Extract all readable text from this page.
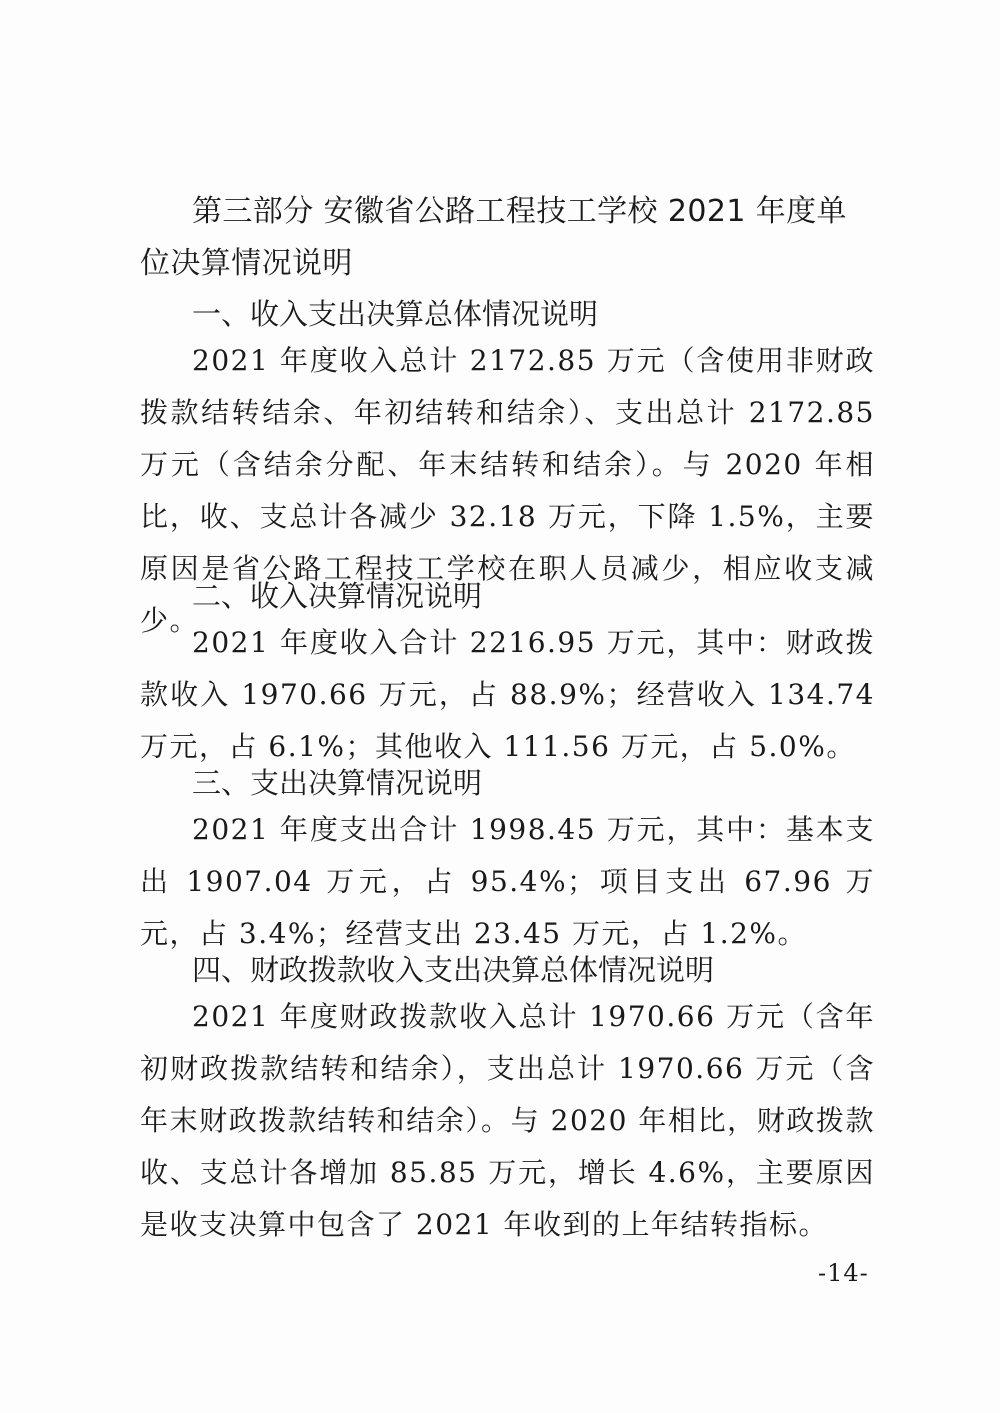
第三部分 安徽省公路工程技工学校 2021 年度单位决算情况说明
一、收入支出决算总体情况说明

2021 年度收入总计 2172.85 万元（含使用非财政拨款结转结余、年初结转和结余）、支出总计 2172.85 万元（含结余分配、年末结转和结余）。与 2020 年相比，收、支总计各减少 32.18 万元，下降 1.5%，主要原因是省公路工程技工学校在职人员减少，相应收支减少。

二、收入决算情况说明

2021 年度收入合计 2216.95 万元，其中：财政拨款收入 1970.66 万元，占 88.9%；经营收入 134.74 万元，占 6.1%；其他收入 111.56 万元，占 5.0%。

三、支出决算情况说明

2021 年度支出合计 1998.45 万元，其中：基本支出 1907.04 万元，占 95.4%；项目支出 67.96 万元，占 3.4%；经营支出 23.45 万元，占 1.2%。

四、财政拨款收入支出决算总体情况说明

2021 年度财政拨款收入总计 1970.66 万元（含年初财政拨款结转和结余），支出总计 1970.66 万元（含年末财政拨款结转和结余）。与 2020 年相比，财政拨款收、支总计各增加 85.85 万元，增长 4.6%，主要原因是收支决算中包含了 2021 年收到的上年结转指标。

-14-
